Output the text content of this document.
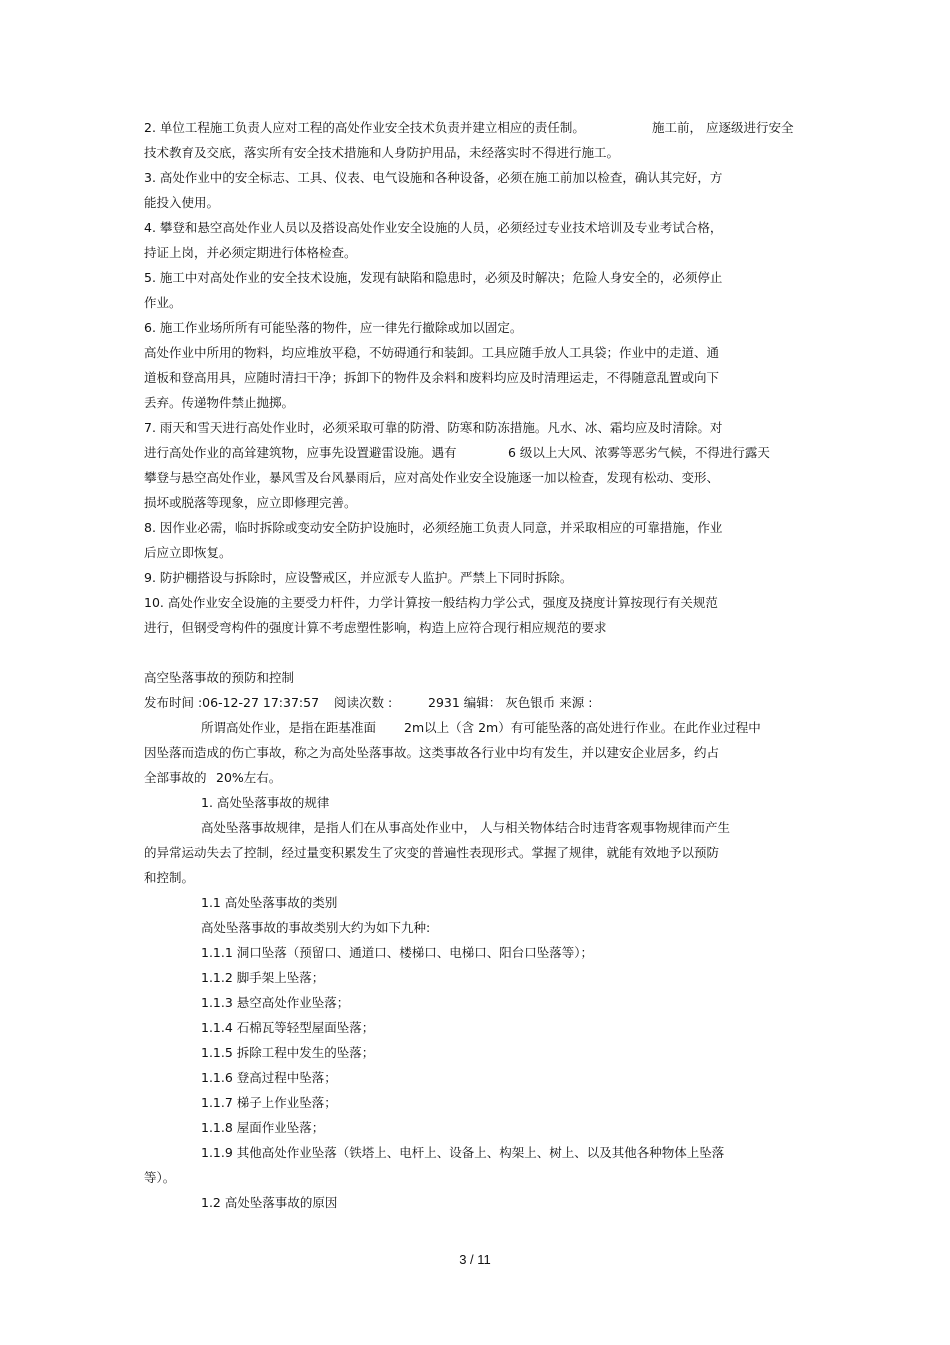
2. 单位工程施工负责人应对工程的高处作业安全技术负责并建立相应的责任制。	施工前， 应逐级进行安全
技术教育及交底，落实所有安全技术措施和人身防护用品，未经落实时不得进行施工。
3. 高处作业中的安全标志、工具、仪表、电气设施和各种设备，必须在施工前加以检查，确认其完好，方
能投入使用。
4. 攀登和悬空高处作业人员以及搭设高处作业安全设施的人员，必须经过专业技术培训及专业考试合格，
持证上岗，并必须定期进行体格检查。
5. 施工中对高处作业的安全技术设施，发现有缺陷和隐患时，必须及时解决；危险人身安全的，必须停止
作业。
6. 施工作业场所所有可能坠落的物件，应一律先行撤除或加以固定。
高处作业中所用的物料，均应堆放平稳，不妨碍通行和装卸。工具应随手放人工具袋；作业中的走道、通
道板和登高用具，应随时清扫干净；拆卸下的物件及余料和废料均应及时清理运走，不得随意乱置或向下
丢弃。传递物件禁止抛掷。
7. 雨天和雪天进行高处作业时，必须采取可靠的防滑、防寒和防冻措施。凡水、冰、霜均应及时清除。对
进行高处作业的高耸建筑物，应事先设置避雷设施。遇有	6 级以上大风、浓雾等恶劣气候，不得进行露天
攀登与悬空高处作业，暴风雪及台风暴雨后，应对高处作业安全设施逐一加以检查，发现有松动、变形、
损坏或脱落等现象，应立即修理完善。
8. 因作业必需，临时拆除或变动安全防护设施时，必须经施工负责人同意，并采取相应的可靠措施，作业
后应立即恢复。
9. 防护棚搭设与拆除时，应设警戒区，并应派专人监护。严禁上下同时拆除。
10. 高处作业安全设施的主要受力杆件，力学计算按一般结构力学公式，强度及挠度计算按现行有关规范
进行，但钢受弯构件的强度计算不考虑塑性影响，构造上应符合现行相应规范的要求
高空坠落事故的预防和控制
发布时间 :06-12-27 17:37:57 阅读次数 :	2931 编辑： 灰色银币 来源 :
所谓高处作业，是指在距基准面 2m以上（含 2m）有可能坠落的高处进行作业。在此作业过程中
因坠落而造成的伤亡事故，称之为高处坠落事故。这类事故各行业中均有发生，并以建安企业居多，约占
全部事故的 20%左右。
1. 高处坠落事故的规律
高处坠落事故规律，是指人们在从事高处作业中， 人与相关物体结合时违背客观事物规律而产生
的异常运动失去了控制，经过量变积累发生了灾变的普遍性表现形式。掌握了规律，就能有效地予以预防
和控制。
1.1 高处坠落事故的类别
高处坠落事故的事故类别大约为如下九种:
1.1.1 洞口坠落（预留口、通道口、楼梯口、电梯口、阳台口坠落等）；
1.1.2 脚手架上坠落；
1.1.3 悬空高处作业坠落；
1.1.4 石棉瓦等轻型屋面坠落；
1.1.5 拆除工程中发生的坠落；
1.1.6 登高过程中坠落；
1.1.7 梯子上作业坠落；
1.1.8 屋面作业坠落；
1.1.9 其他高处作业坠落（铁塔上、电杆上、设备上、构架上、树上、以及其他各种物体上坠落
等）。
1.2 高处坠落事故的原因
3 / 11
